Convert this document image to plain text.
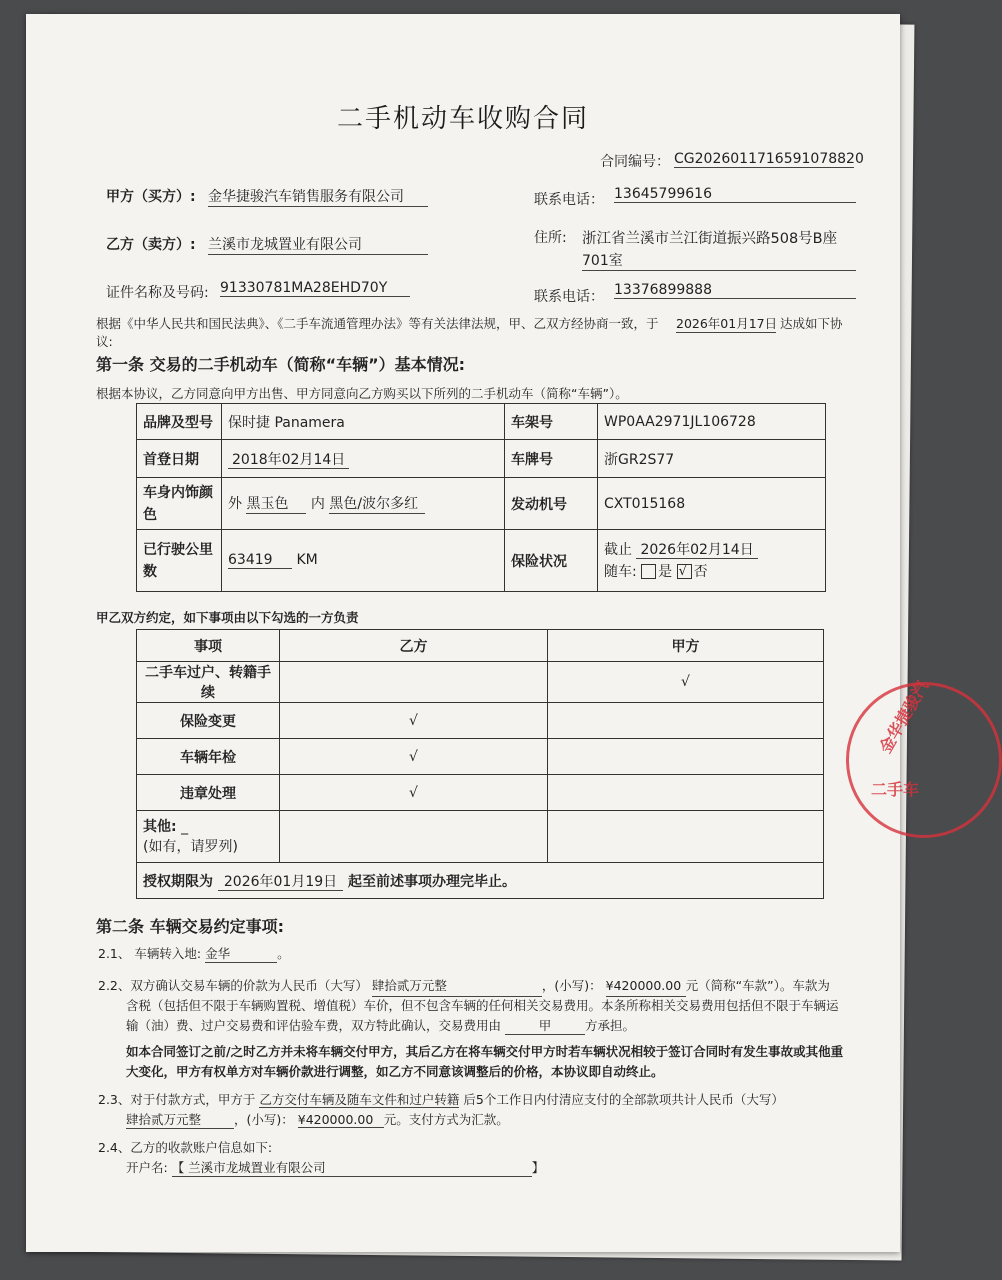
二手机动车收购合同
合同编号： CG2026011716591078820
甲方（买方）: 金华捷骏汽车销售服务有限公司	联系电话： 13645799616
乙方（卖方）: 兰溪市龙城置业有限公司	住所: 浙江省兰溪市兰江街道振兴路508号B座
701室
证件名称及号码: 91330781MA28EHD70Y
联系电话： 13376899888
根据《中华人民共和国民法典》、《二手车流通管理办法》等有关法律法规，甲、乙双方经协商一致，于 2026年01月17日 达成如下协
议:
第一条 交易的二手机动车（简称“车辆”）基本情况:
根据本协议，乙方同意向甲方出售、甲方同意向乙方购买以下所列的二手机动车（简称“车辆”）。
品牌及型号	保时捷 Panamera	车架号	WP0AA2971JL106728
首登日期	2018年02月14日	车牌号	浙GR2S77
车身内饰颜
色	外 黑玉色 内 黑色/波尔多红	发动机号	CXT015168
已行驶公里
数	63419 KM	保险状况	截止 2026年02月14日
随车: 是 √ 否
甲乙双方约定，如下事项由以下勾选的一方负责
事项	乙方	甲方
二手车过户、转籍手续		√
保险变更	√	
车辆年检	√	
违章处理	√	
其他: _
(如有，请罗列)		
授权期限为 2026年01月19日 起至前述事项办理完毕止。		
第二条 车辆交易约定事项:
2.1、 车辆转入地: 金华	。
2.2、双方确认交易车辆的价款为人民币（大写） 肆拾贰万元整	，(小写)： ¥420000.00 元（简称“车款”）。车款为
含税（包括但不限于车辆购置税、增值税）车价，但不包含车辆的任何相关交易费用。本条所称相关交易费用包括但不限于车辆运
输（油）费、过户交易费和评估验车费，双方特此确认，交易费用由	甲	方承担。
如本合同签订之前/之时乙方并未将车辆交付甲方，其后乙方在将车辆交付甲方时若车辆状况相较于签订合同时有发生事故或其他重
大变化，甲方有权单方对车辆价款进行调整，如乙方不同意该调整后的价格，本协议即自动终止。
2.3、对于付款方式，甲方于 乙方交付车辆及随车文件和过户转籍 后5个工作日内付清应支付的全部款项共计人民币（大写）
肆拾贰万元整	，(小写)： ¥420000.00 元。支付方式为汇款。
2.4、乙方的收款账户信息如下:
开户名: 【 兰溪市龙城置业有限公司	】
金华捷骏汽
二手车
